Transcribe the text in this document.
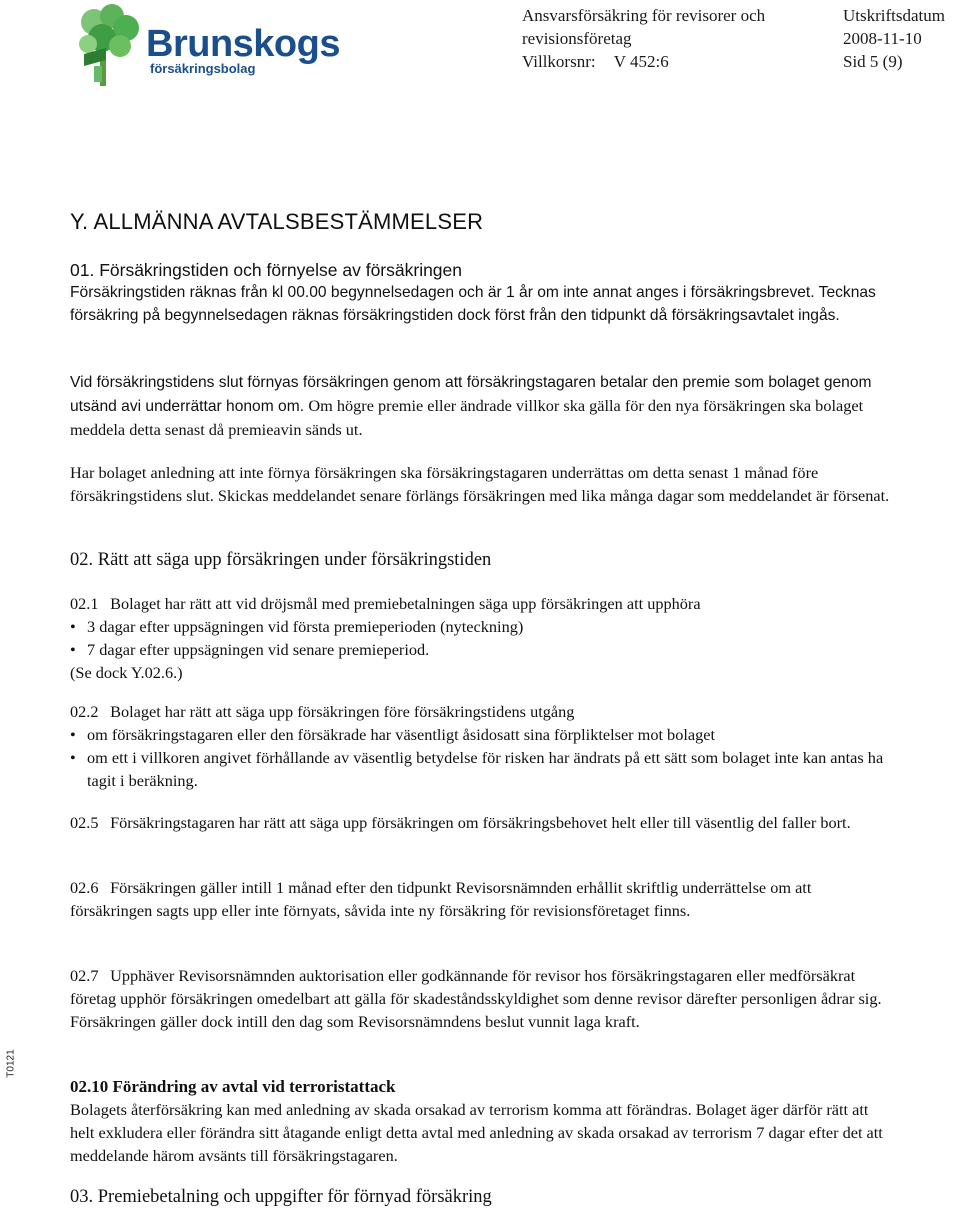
Brunskogs
försäkringsbolag
Ansvarsförsäkring för revisorer och
revisionsföretag
Villkorsnr: V 452:6
Utskriftsdatum
2008-11-10
Sid 5 (9)
T0121
Y. ALLMÄNNA AVTALSBESTÄMMELSER
01. Försäkringstiden och förnyelse av försäkringen

Försäkringstiden räknas från kl 00.00 begynnelsedagen och är 1 år om inte annat anges i försäkringsbrevet. Tecknas försäkring på begynnelsedagen räknas försäkringstiden dock först från den tidpunkt då försäkringsavtalet ingås.

Vid försäkringstidens slut förnyas försäkringen genom att försäkringstagaren betalar den premie som bolaget genom utsänd avi underrättar honom om. Om högre premie eller ändrade villkor ska gälla för den nya försäkringen ska bolaget meddela detta senast då premieavin sänds ut.

Har bolaget anledning att inte förnya försäkringen ska försäkringstagaren underrättas om detta senast 1 månad före försäkringstidens slut. Skickas meddelandet senare förlängs försäkringen med lika många dagar som meddelandet är försenat.

02. Rätt att säga upp försäkringen under försäkringstiden
02.1 Bolaget har rätt att vid dröjsmål med premiebetalningen säga upp försäkringen att upphöra
• 3 dagar efter uppsägningen vid första premieperioden (nyteckning)
• 7 dagar efter uppsägningen vid senare premieperiod.
(Se dock Y.02.6.)
02.2 Bolaget har rätt att säga upp försäkringen före försäkringstidens utgång
• om försäkringstagaren eller den försäkrade har väsentligt åsidosatt sina förpliktelser mot bolaget
• om ett i villkoren angivet förhållande av väsentlig betydelse för risken har ändrats på ett sätt som bolaget inte kan antas ha tagit i beräkning.
02.5 Försäkringstagaren har rätt att säga upp försäkringen om försäkringsbehovet helt eller till väsentlig del faller bort.
02.6 Försäkringen gäller intill 1 månad efter den tidpunkt Revisorsnämnden erhållit skriftlig underrättelse om att försäkringen sagts upp eller inte förnyats, såvida inte ny försäkring för revisionsföretaget finns.
02.7 Upphäver Revisorsnämnden auktorisation eller godkännande för revisor hos försäkringstagaren eller medförsäkrat företag upphör försäkringen omedelbart att gälla för skadeståndsskyldighet som denne revisor därefter personligen ådrar sig. Försäkringen gäller dock intill den dag som Revisorsnämndens beslut vunnit laga kraft.
02.10 Förändring av avtal vid terroristattack
Bolagets återförsäkring kan med anledning av skada orsakad av terrorism komma att förändras. Bolaget äger därför rätt att helt exkludera eller förändra sitt åtagande enligt detta avtal med anledning av skada orsakad av terrorism 7 dagar efter det att meddelande härom avsänts till försäkringstagaren.
03. Premiebetalning och uppgifter för förnyad försäkring
